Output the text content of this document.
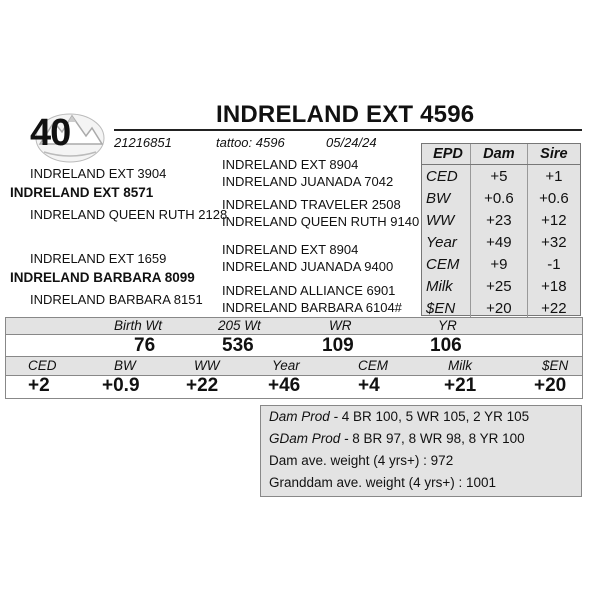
40	INDRELAND EXT 4596
21216851	tattoo: 4596	05/24/24
INDRELAND EXT 3904
INDRELAND EXT 8571
INDRELAND QUEEN RUTH 2128
INDRELAND EXT 8904
INDRELAND JUANADA 7042
INDRELAND TRAVELER 2508
INDRELAND QUEEN RUTH 9140
INDRELAND EXT 1659
INDRELAND BARBARA 8099
INDRELAND BARBARA 8151
INDRELAND EXT 8904
INDRELAND JUANADA 9400
INDRELAND ALLIANCE 6901
INDRELAND BARBARA 6104#
EPD	Dam	Sire
CED	+5	+1
BW	+0.6	+0.6
WW	+23	+12
Year	+49	+32
CEM	+9	-1
Milk	+25	+18
$EN	+20	+22
Birth Wt	205 Wt	WR	YR
76	536	109	106
CED	BW	WW	Year	CEM	Milk	$EN
+2	+0.9 +22	+46	+4	+21	+20
Dam Prod - 4 BR 100, 5 WR 105, 2 YR 105
GDam Prod - 8 BR 97, 8 WR 98, 8 YR 100
Dam ave. weight (4 yrs+) : 972
Granddam ave. weight (4 yrs+) : 1001
